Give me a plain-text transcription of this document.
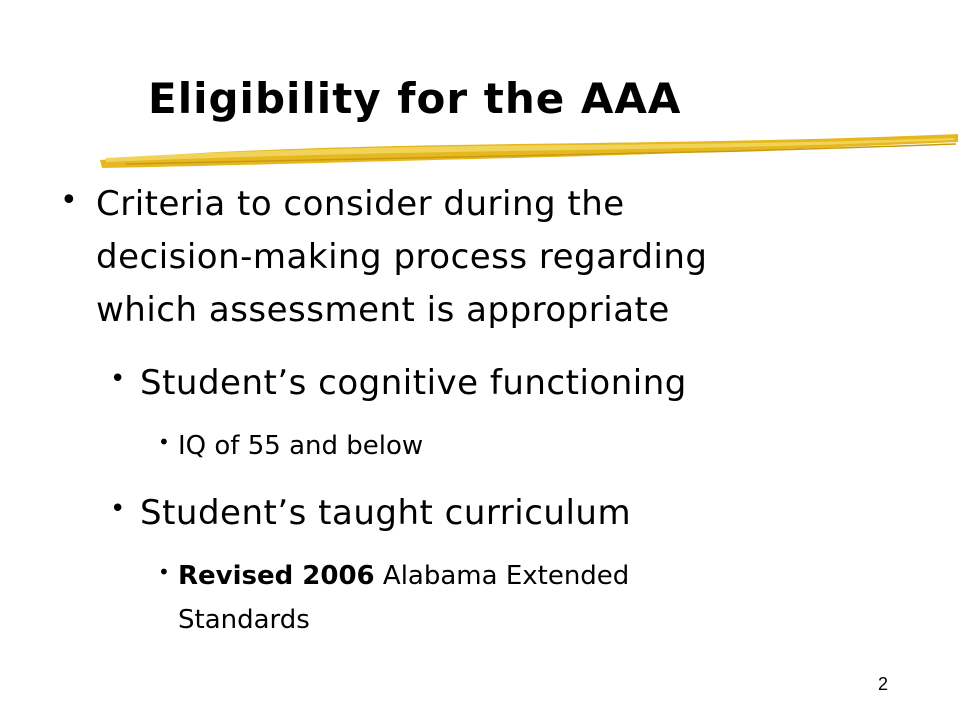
Eligibility for the AAA
• Criteria to consider during the
decision-making process regarding
which assessment is appropriate
• Student’s cognitive functioning
• IQ of 55 and below
• Student’s taught curriculum
• Revised 2006 Alabama Extended
Standards
2
